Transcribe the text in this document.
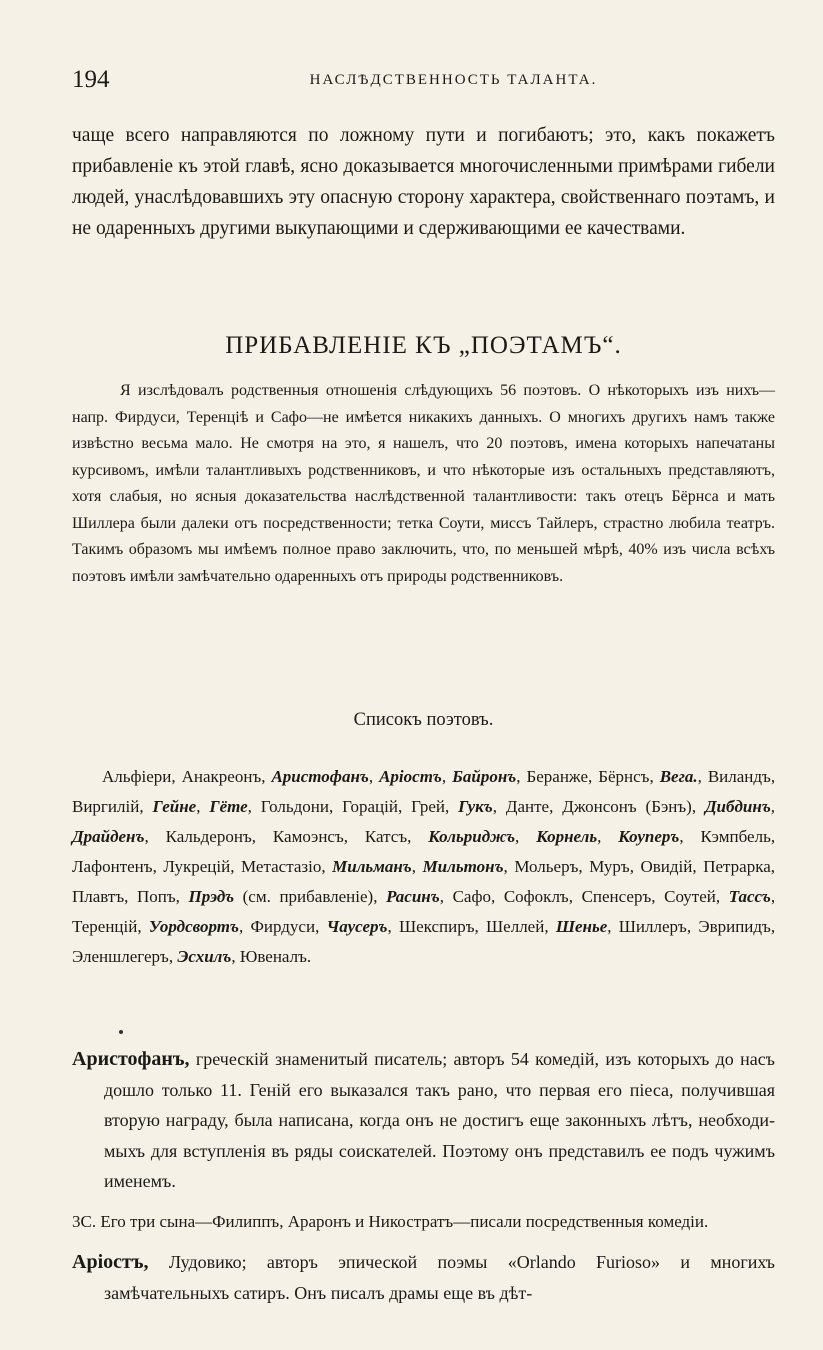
194	НАСЛѢДСТВЕННОСТЬ ТАЛАНТА.

чаще всего направляются по ложному пути и погибаютъ; это, какъ покажетъ прибавленіе къ этой главѣ, ясно доказывается многочисленными примѣрами гибели людей, унаслѣдовавшихъ эту опасную сторону характера, свойственнаго поэтамъ, и не одаренныхъ другими выкупающими и сдерживающими ее качествами.

ПРИБАВЛЕНІЕ КЪ „ПОЭТАМЪ“.

Я изслѣдовалъ родственныя отношенія слѣдующихъ 56 поэтовъ. О нѣкоторыхъ изъ нихъ—напр. Фирдуси, Теренціѣ и Сафо—не имѣется никакихъ данныхъ. О многихъ другихъ намъ также извѣстно весьма мало. Не смотря на это, я нашелъ, что 20 поэтовъ, имена которыхъ напечатаны курсивомъ, имѣли талантливыхъ родственниковъ, и что нѣкоторые изъ остальныхъ представляютъ, хотя слабыя, но ясныя доказательства наслѣдственной талантливости: такъ отецъ Бёрнса и мать Шиллера были далеки отъ посредственности; тетка Соути, миссъ Тайлеръ, страстно любила театръ. Такимъ образомъ мы имѣемъ полное право заключить, что, по меньшей мѣрѣ, 40% изъ числа всѣхъ поэтовъ имѣли замѣчательно одаренныхъ отъ природы родственниковъ.

Списокъ поэтовъ.

Альфіери, Анакреонъ, Аристофанъ, Аріостъ, Байронъ, Беранже, Бёрнсъ, Вега., Виландъ, Виргилій, Гейне, Гёте, Гольдони, Горацій, Грей, Гукъ, Данте, Джонсонъ (Бэнъ), Дибдинъ, Драйденъ, Кальдеронъ, Камоэнсъ, Катсъ, Кольриджъ, Корнель, Коуперъ, Кэмпбель, Лафонтенъ, Лукрецій, Метастазіо, Мильманъ, Мильтонъ, Мольеръ, Муръ, Овидій, Петрарка, Плавтъ, Попъ, Прэдъ (см. прибавленіе), Расинъ, Сафо, Софоклъ, Спенсеръ, Соутей, Тассъ, Теренцій, Уордсвортъ, Фирдуси, Чаусеръ, Шекспиръ, Шеллей, Шенье, Шиллеръ, Эврипидъ, Эленшлегеръ, Эсхилъ, Ювеналъ.

Аристофанъ, греческій знаменитый писатель; авторъ 54 комедій, изъ которыхъ до насъ дошло только 11. Геній его выказался такъ рано, что первая его піеса, получившая вторую награду, была написана, когда онъ не достигъ еще законныхъ лѣтъ, необходимыхъ для вступленія въ ряды соискателей. Поэтому онъ представилъ ее подъ чужимъ именемъ.

3С. Его три сына—Филиппъ, Арaронъ и Никостратъ—писали посредственныя комедіи.

Аріостъ, Лудовико; авторъ эпической поэмы «Orlando Furioso» и многихъ замѣчательныхъ сатиръ. Онъ писалъ драмы еще въ дѣт-
